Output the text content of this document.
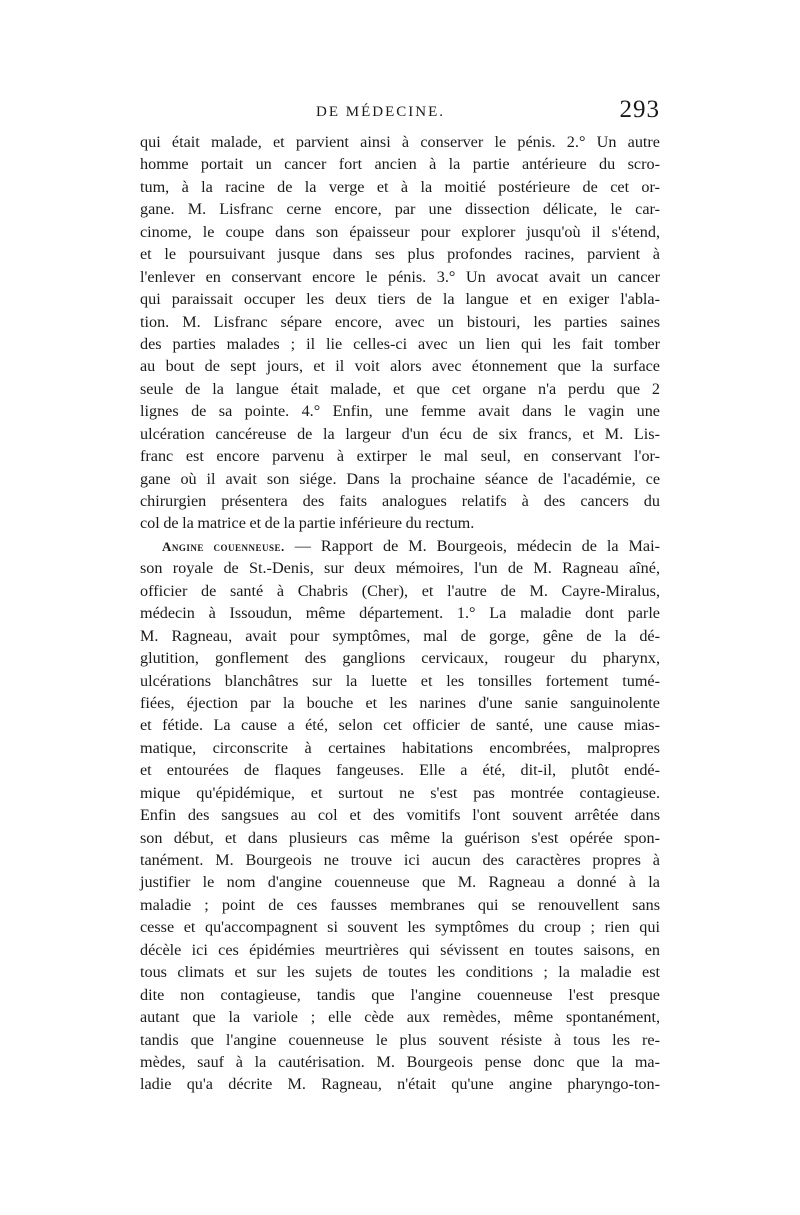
DE MÉDECINE.	293
qui était malade, et parvient ainsi à conserver le pénis. 2.° Un autre
homme portait un cancer fort ancien à la partie antérieure du scro-
tum, à la racine de la verge et à la moitié postérieure de cet or-
gane. M. Lisfranc cerne encore, par une dissection délicate, le car-
cinome, le coupe dans son épaisseur pour explorer jusqu'où il s'étend,
et le poursuivant jusque dans ses plus profondes racines, parvient à
l'enlever en conservant encore le pénis. 3.° Un avocat avait un cancer
qui paraissait occuper les deux tiers de la langue et en exiger l'abla-
tion. M. Lisfranc sépare encore, avec un bistouri, les parties saines
des parties malades ; il lie celles-ci avec un lien qui les fait tomber
au bout de sept jours, et il voit alors avec étonnement que la surface
seule de la langue était malade, et que cet organe n'a perdu que 2
lignes de sa pointe. 4.° Enfin, une femme avait dans le vagin une
ulcération cancéreuse de la largeur d'un écu de six francs, et M. Lis-
franc est encore parvenu à extirper le mal seul, en conservant l'or-
gane où il avait son siége. Dans la prochaine séance de l'académie, ce
chirurgien présentera des faits analogues relatifs à des cancers du
col de la matrice et de la partie inférieure du rectum.
Angine couenneuse. — Rapport de M. Bourgeois, médecin de la Mai-
son royale de St.-Denis, sur deux mémoires, l'un de M. Ragneau aîné,
officier de santé à Chabris (Cher), et l'autre de M. Cayre-Miralus,
médecin à Issoudun, même département. 1.° La maladie dont parle
M. Ragneau, avait pour symptômes, mal de gorge, gêne de la dé-
glutition, gonflement des ganglions cervicaux, rougeur du pharynx,
ulcérations blanchâtres sur la luette et les tonsilles fortement tumé-
fiées, éjection par la bouche et les narines d'une sanie sanguinolente
et fétide. La cause a été, selon cet officier de santé, une cause mias-
matique, circonscrite à certaines habitations encombrées, malpropres
et entourées de flaques fangeuses. Elle a été, dit-il, plutôt endé-
mique qu'épidémique, et surtout ne s'est pas montrée contagieuse.
Enfin des sangsues au col et des vomitifs l'ont souvent arrêtée dans
son début, et dans plusieurs cas même la guérison s'est opérée spon-
tanément. M. Bourgeois ne trouve ici aucun des caractères propres à
justifier le nom d'angine couenneuse que M. Ragneau a donné à la
maladie ; point de ces fausses membranes qui se renouvellent sans
cesse et qu'accompagnent si souvent les symptômes du croup ; rien qui
décèle ici ces épidémies meurtrières qui sévissent en toutes saisons, en
tous climats et sur les sujets de toutes les conditions ; la maladie est
dite non contagieuse, tandis que l'angine couenneuse l'est presque
autant que la variole ; elle cède aux remèdes, même spontanément,
tandis que l'angine couenneuse le plus souvent résiste à tous les re-
mèdes, sauf à la cautérisation. M. Bourgeois pense donc que la ma-
ladie qu'a décrite M. Ragneau, n'était qu'une angine pharyngo-ton-
